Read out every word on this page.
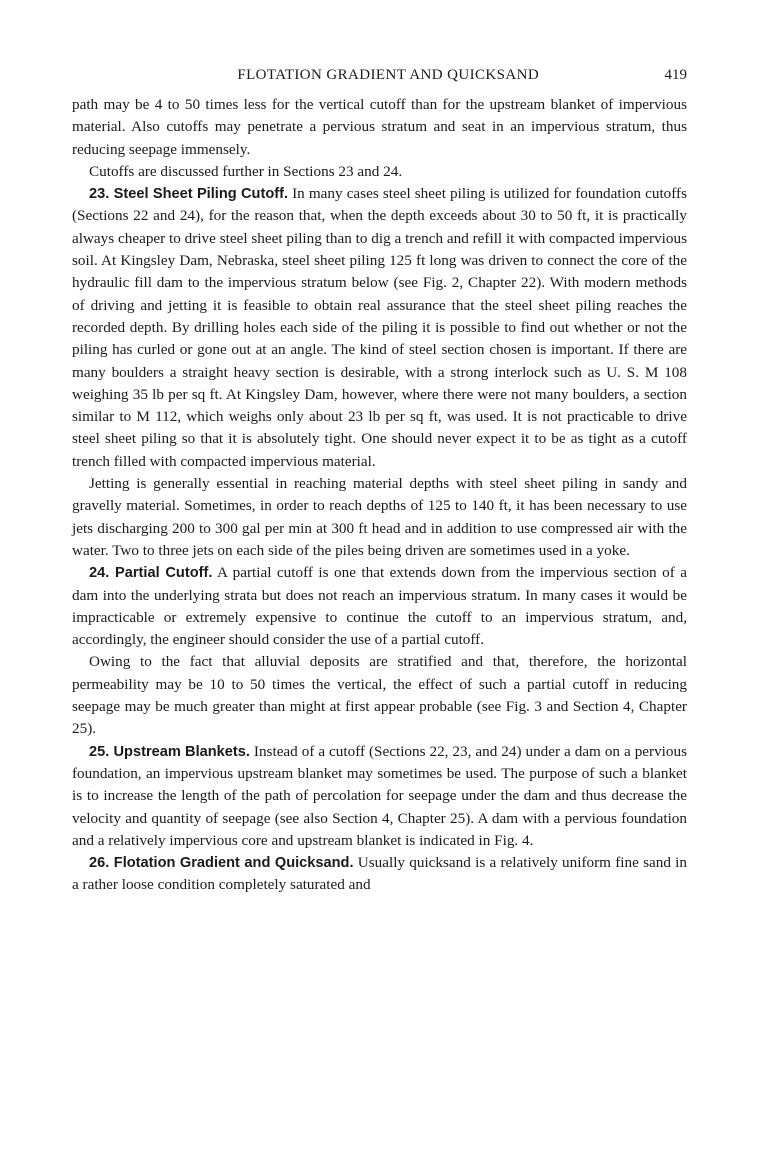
FLOTATION GRADIENT AND QUICKSAND	419

path may be 4 to 50 times less for the vertical cutoff than for the upstream blanket of impervious material. Also cutoffs may penetrate a pervious stratum and seat in an impervious stratum, thus reducing seepage immensely.

Cutoffs are discussed further in Sections 23 and 24.

23. Steel Sheet Piling Cutoff. In many cases steel sheet piling is utilized for foundation cutoffs (Sections 22 and 24), for the reason that, when the depth exceeds about 30 to 50 ft, it is practically always cheaper to drive steel sheet piling than to dig a trench and refill it with compacted impervious soil. At Kingsley Dam, Nebraska, steel sheet piling 125 ft long was driven to connect the core of the hydraulic fill dam to the impervious stratum below (see Fig. 2, Chapter 22). With modern methods of driving and jetting it is feasible to obtain real assurance that the steel sheet piling reaches the recorded depth. By drilling holes each side of the piling it is possible to find out whether or not the piling has curled or gone out at an angle. The kind of steel section chosen is important. If there are many boulders a straight heavy section is desirable, with a strong interlock such as U. S. M 108 weighing 35 lb per sq ft. At Kingsley Dam, however, where there were not many boulders, a section similar to M 112, which weighs only about 23 lb per sq ft, was used. It is not practicable to drive steel sheet piling so that it is absolutely tight. One should never expect it to be as tight as a cutoff trench filled with compacted impervious material.

Jetting is generally essential in reaching material depths with steel sheet piling in sandy and gravelly material. Sometimes, in order to reach depths of 125 to 140 ft, it has been necessary to use jets discharging 200 to 300 gal per min at 300 ft head and in addition to use compressed air with the water. Two to three jets on each side of the piles being driven are sometimes used in a yoke.

24. Partial Cutoff. A partial cutoff is one that extends down from the impervious section of a dam into the underlying strata but does not reach an impervious stratum. In many cases it would be impracticable or extremely expensive to continue the cutoff to an impervious stratum, and, accordingly, the engineer should consider the use of a partial cutoff.

Owing to the fact that alluvial deposits are stratified and that, therefore, the horizontal permeability may be 10 to 50 times the vertical, the effect of such a partial cutoff in reducing seepage may be much greater than might at first appear probable (see Fig. 3 and Section 4, Chapter 25).

25. Upstream Blankets. Instead of a cutoff (Sections 22, 23, and 24) under a dam on a pervious foundation, an impervious upstream blanket may sometimes be used. The purpose of such a blanket is to increase the length of the path of percolation for seepage under the dam and thus decrease the velocity and quantity of seepage (see also Section 4, Chapter 25). A dam with a pervious foundation and a relatively impervious core and upstream blanket is indicated in Fig. 4.

26. Flotation Gradient and Quicksand. Usually quicksand is a relatively uniform fine sand in a rather loose condition completely saturated and
